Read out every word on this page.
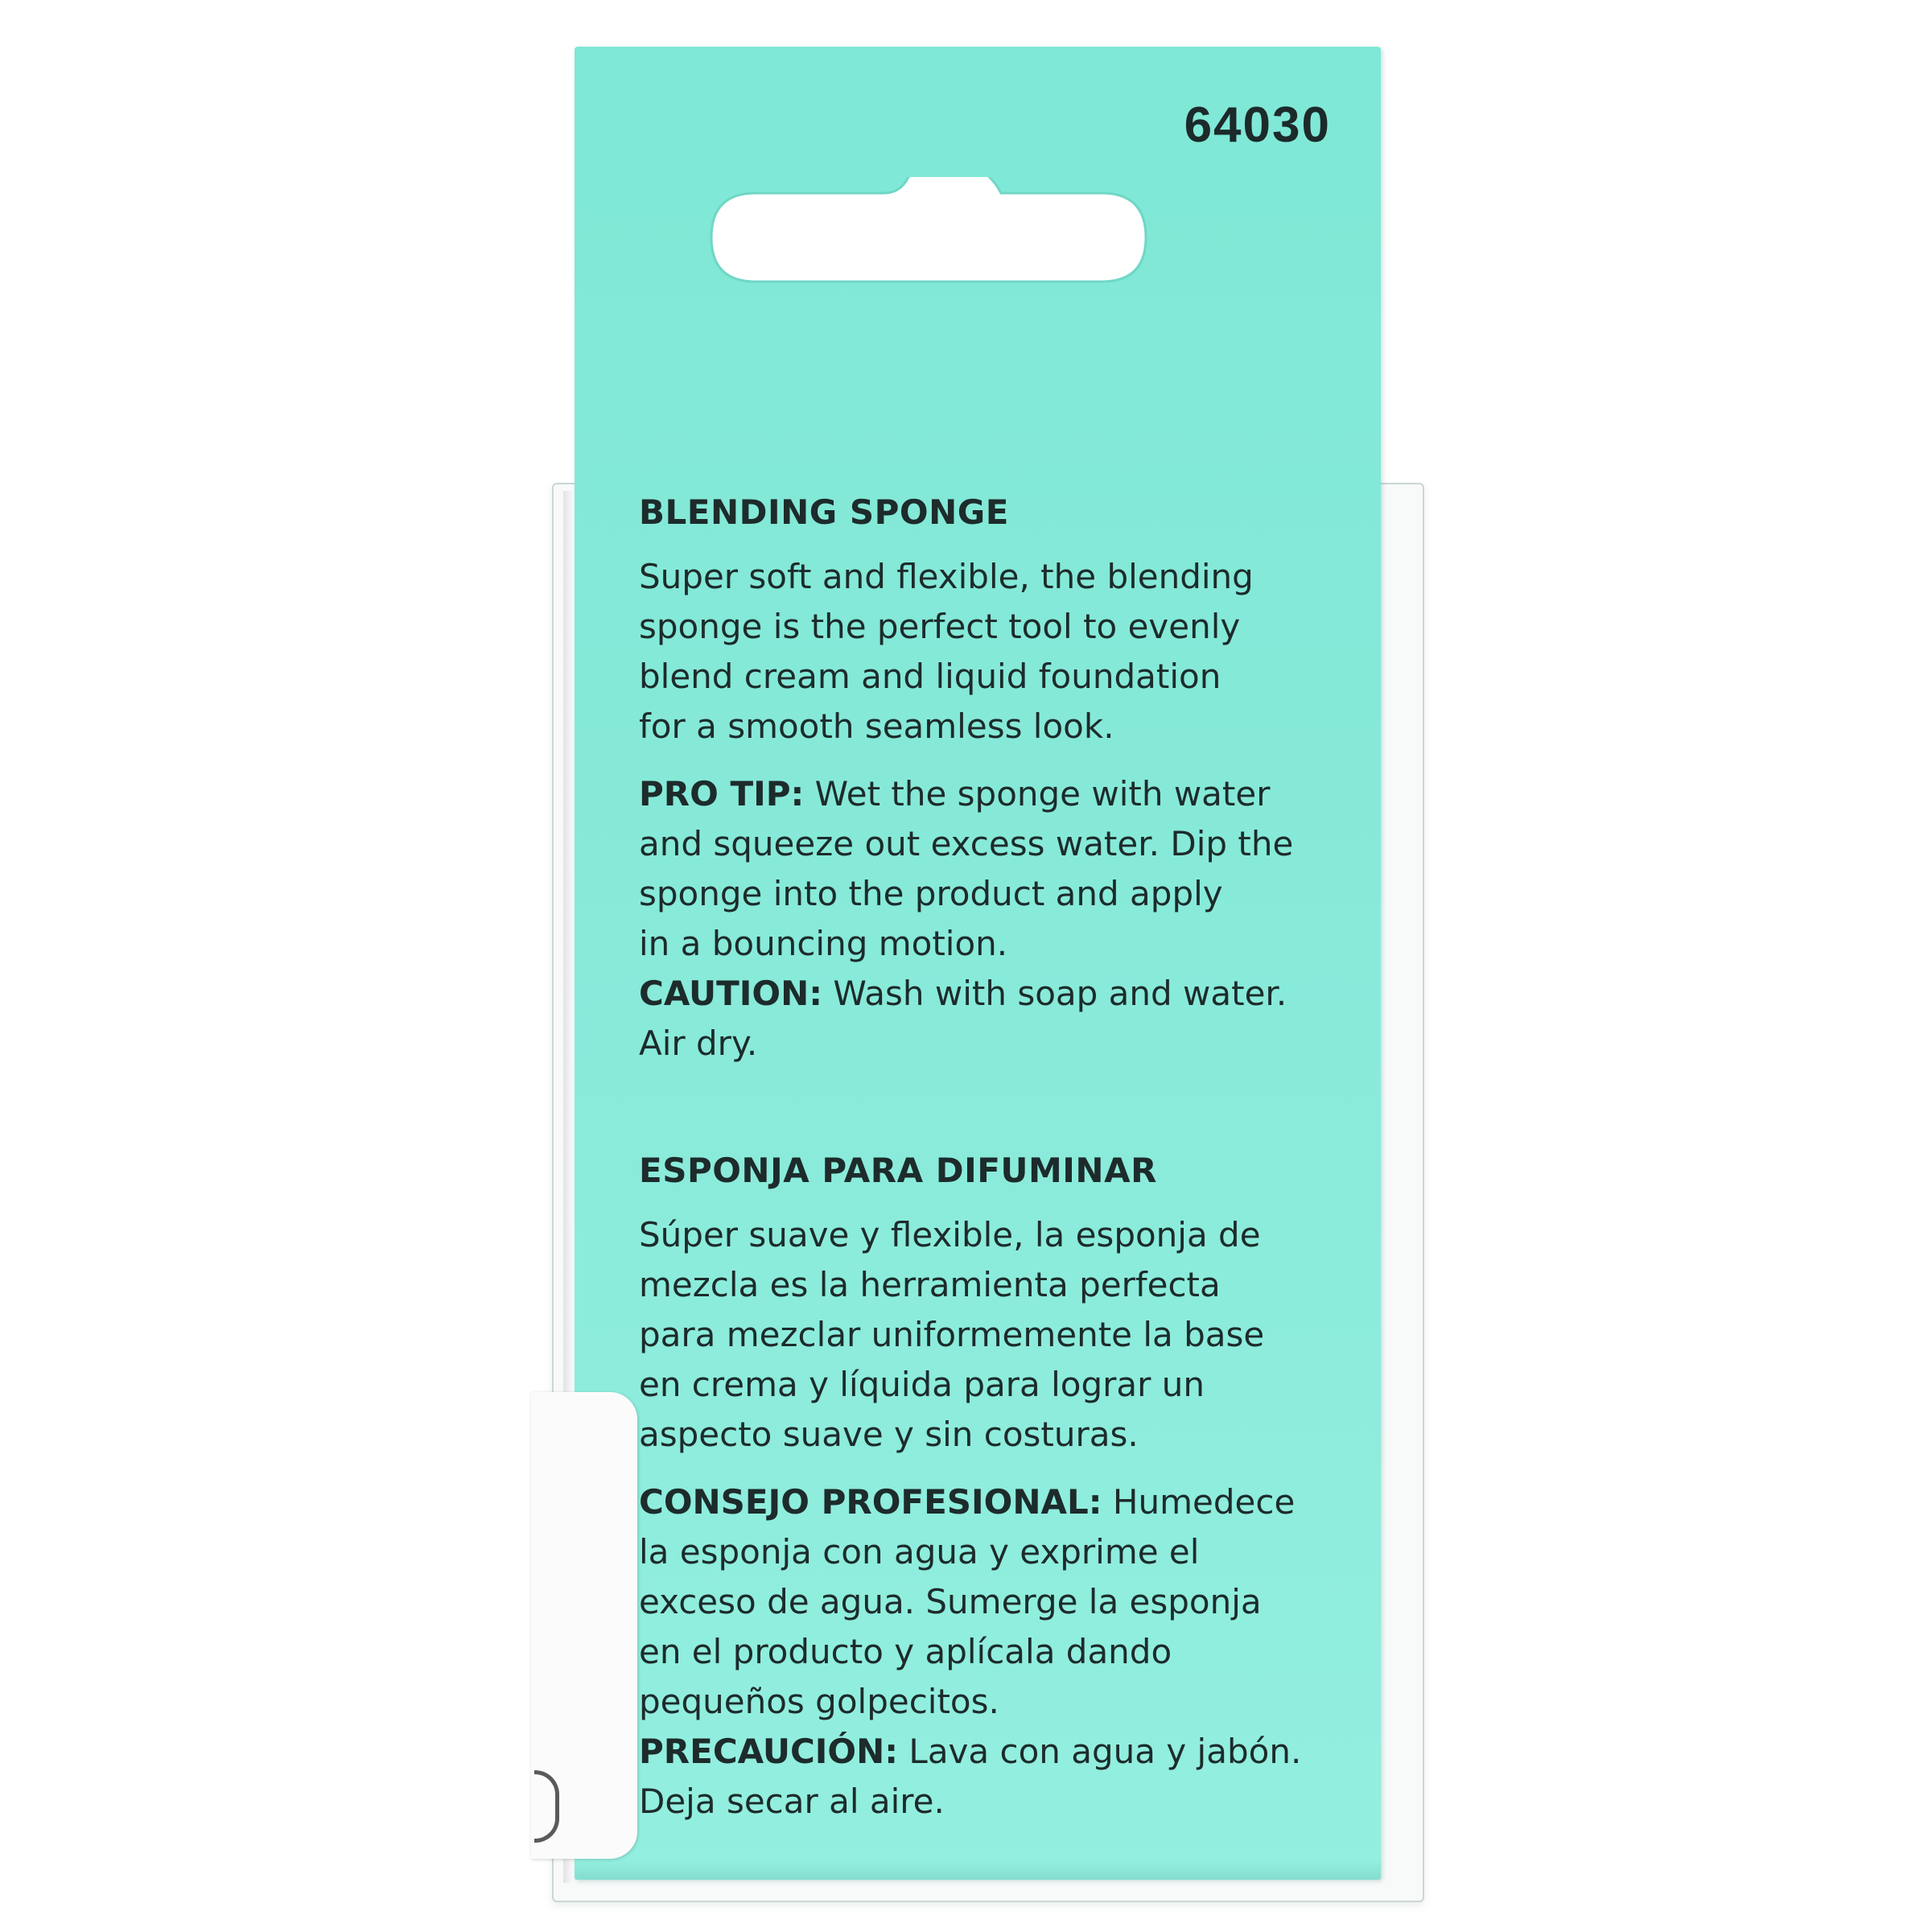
64030
BLENDING SPONGE
Super soft and flexible, the blending
sponge is the perfect tool to evenly
blend cream and liquid foundation
for a smooth seamless look.
PRO TIP: Wet the sponge with water
and squeeze out excess water. Dip the
sponge into the product and apply
in a bouncing motion.
CAUTION: Wash with soap and water.
Air dry.
ESPONJA PARA DIFUMINAR
Súper suave y flexible, la esponja de
mezcla es la herramienta perfecta
para mezclar uniformemente la base
en crema y líquida para lograr un
aspecto suave y sin costuras.
CONSEJO PROFESIONAL: Humedece
la esponja con agua y exprime el
exceso de agua. Sumerge la esponja
en el producto y aplícala dando
pequeños golpecitos.
PRECAUCIÓN: Lava con agua y jabón.
Deja secar al aire.
